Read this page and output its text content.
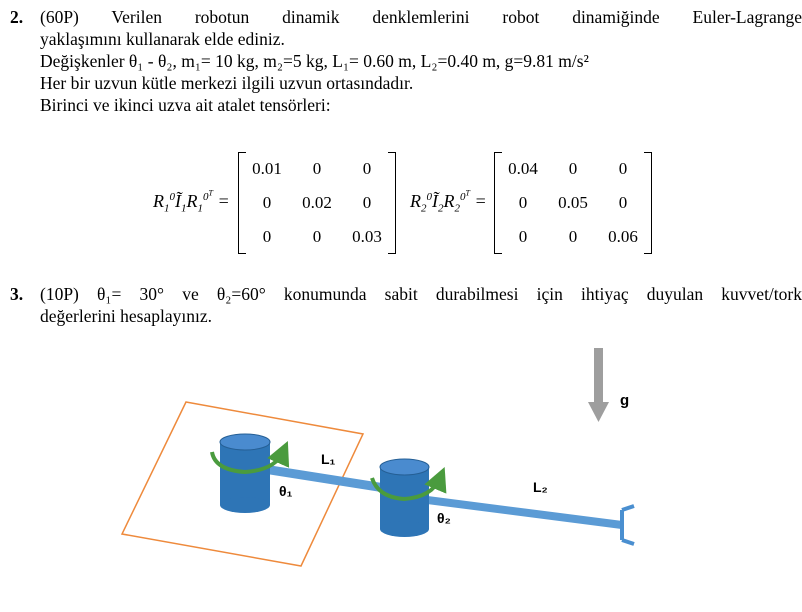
2. (60P) Verilen robotun dinamik denklemlerini robot dinamiğinde Euler-Lagrange
yaklaşımını kullanarak elde ediniz.
Değişkenler θ₁ - θ₂, m₁= 10 kg, m₂=5 kg, L₁= 0.60 m, L₂=0.40 m, g=9.81 m/s²
Her bir uzvun kütle merkezi ilgili uzvun ortasındadır.
Birinci ve ikinci uzva ait atalet tensörleri:
$R_1^0Ĩ_1R_1^{0^T}$ =
0.01	0	0
0	0.02	0
0	0	0.03
$R_2^0Ĩ_2R_2^{0^T}$ =
0.04	0	0
0	0.05	0
0	0	0.06
3. (10P) θ₁= 30° ve θ₂=60° konumunda sabit durabilmesi için ihtiyaç duyulan kuvvet/tork
değerlerini hesaplayınız.
L₁
L₂
θ₁
θ₂
g
